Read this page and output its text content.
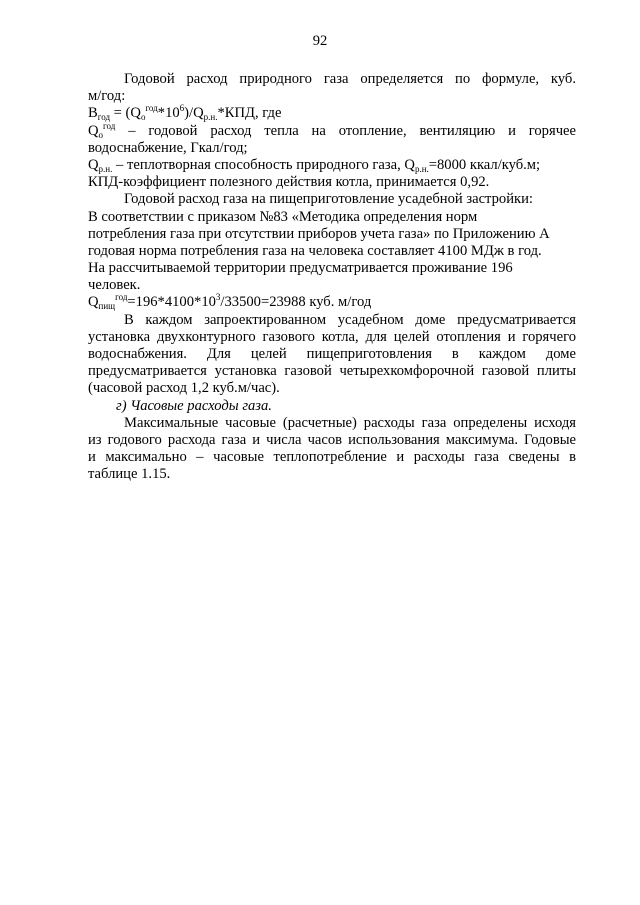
92
Годовой расход природного газа определяется по формуле, куб.
м/год:
$B_{год} = (Q_о^{год}*10^6)/Q_{р.н.}*КПД$, где
$Q_о^{год}$ – годовой расход тепла на отопление, вентиляцию и горячее
водоснабжение, Гкал/год;
$Q_{р.н.}$ – теплотворная способность природного газа, $Q_{р.н.}=8000$ ккал/куб.м;
КПД-коэффициент полезного действия котла, принимается 0,92.
Годовой расход газа на пищеприготовление усадебной застройки:
В соответствии с приказом №83 «Методика определения норм
потребления газа при отсутствии приборов учета газа» по Приложению А
годовая норма потребления газа на человека составляет 4100 МДж в год.
На рассчитываемой территории предусматривается проживание 196
человек.
$Q_{пищ}^{год}=196*4100*10^3/33500=23988$ куб. м/год
В каждом запроектированном усадебном доме предусматривается
установка двухконтурного газового котла, для целей отопления и горячего
водоснабжения. Для целей пищеприготовления в каждом доме
предусматривается установка газовой четырехкомфорочной газовой плиты
(часовой расход 1,2 куб.м/час).
г) Часовые расходы газа.
Максимальные часовые (расчетные) расходы газа определены исходя
из годового расхода газа и числа часов использования максимума. Годовые
и максимально – часовые теплопотребление и расходы газа сведены в
таблице 1.15.
